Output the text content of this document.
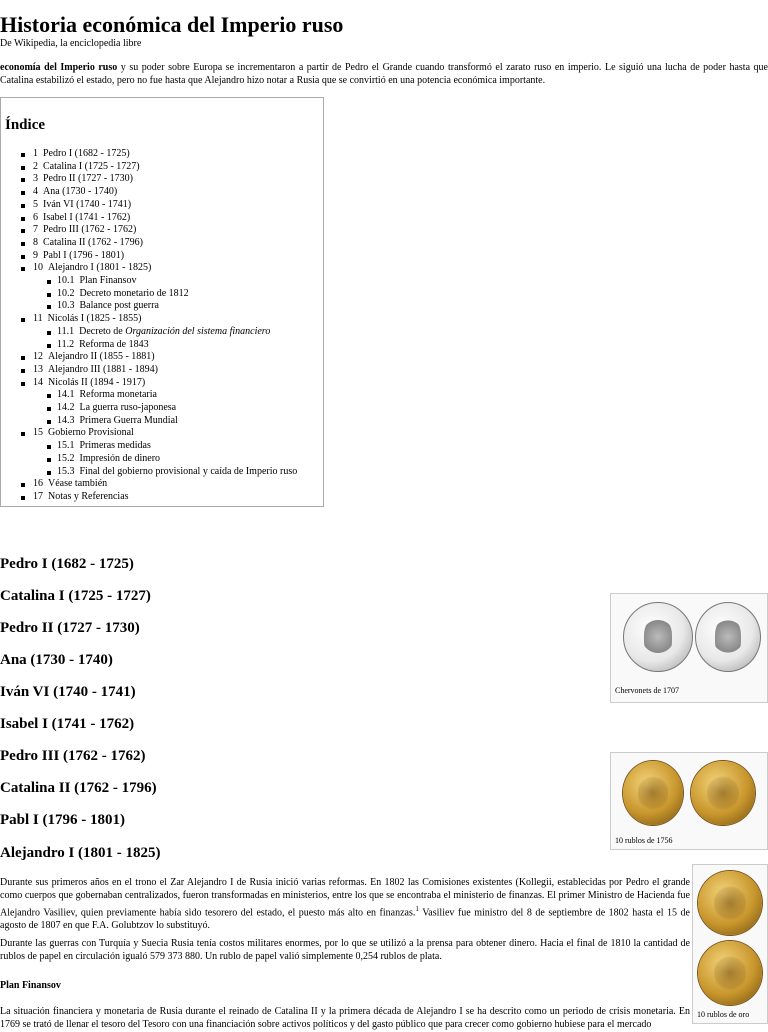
Historia económica del Imperio ruso
De Wikipedia, la enciclopedia libre

economía del Imperio ruso y su poder sobre Europa se incrementaron a partir de Pedro el Grande cuando transformó el zarato ruso en imperio. Le siguió una lucha de poder hasta que Catalina estabilizó el estado, pero no fue hasta que Alejandro hizo notar a Rusia que se convirtió en una potencia económica importante.

Índice
1 Pedro I (1682 - 1725)
2 Catalina I (1725 - 1727)
3 Pedro II (1727 - 1730)
4 Ana (1730 - 1740)
5 Iván VI (1740 - 1741)
6 Isabel I (1741 - 1762)
7 Pedro III (1762 - 1762)
8 Catalina II (1762 - 1796)
9 Pabl I (1796 - 1801)
10 Alejandro I (1801 - 1825)
10.1 Plan Finansov
10.2 Decreto monetario de 1812
10.3 Balance post guerra
11 Nicolás I (1825 - 1855)
11.1 Decreto de Organización del sistema financiero
11.2 Reforma de 1843
12 Alejandro II (1855 - 1881)
13 Alejandro III (1881 - 1894)
14 Nicolás II (1894 - 1917)
14.1 Reforma monetaria
14.2 La guerra ruso-japonesa
14.3 Primera Guerra Mundial
15 Gobierno Provisional
15.1 Primeras medidas
15.2 Impresión de dinero
15.3 Final del gobierno provisional y caída de Imperio ruso
16 Véase también
17 Notas y Referencias
Pedro I (1682 - 1725)
Catalina I (1725 - 1727)
Pedro II (1727 - 1730)
Ana (1730 - 1740)
Iván VI (1740 - 1741)
Isabel I (1741 - 1762)
Pedro III (1762 - 1762)
Catalina II (1762 - 1796)
Pabl I (1796 - 1801)
Alejandro I (1801 - 1825)

Durante sus primeros años en el trono el Zar Alejandro I de Rusia inició varias reformas. En 1802 las Comisiones existentes (Kollegii, establecidas por Pedro el grande como cuerpos que gobernaban centralizados, fueron transformadas en ministerios, entre los que se encontraba el ministerio de finanzas. El primer Ministro de Hacienda fue Alejandro Vasiliev, quien previamente había sido tesorero del estado, el puesto más alto en finanzas.$^1$ Vasiliev fue ministro del 8 de septiembre de 1802 hasta el 15 de agosto de 1807 en que F.A. Golubtzov lo substituyó.

Durante las guerras con Turquía y Suecia Rusia tenía costos militares enormes, por lo que se utilizó a la prensa para obtener dinero. Hacia el final de 1810 la cantidad de rublos de papel en circulación igualó 579 373 880. Un rublo de papel valió simplemente 0,254 rublos de plata.

Plan Finansov

La situación financiera y monetaria de Rusia durante el reinado de Catalina II y la primera década de Alejandro I se ha descrito como un periodo de crisis monetaria. En 1769 se trató de llenar el tesoro del Tesoro con una financiación sobre activos políticos y del gasto público que para crecer como gobierno hubiese para el mercado

Chervonets de 1707
10 rublos de 1756
10 rublos de oro
